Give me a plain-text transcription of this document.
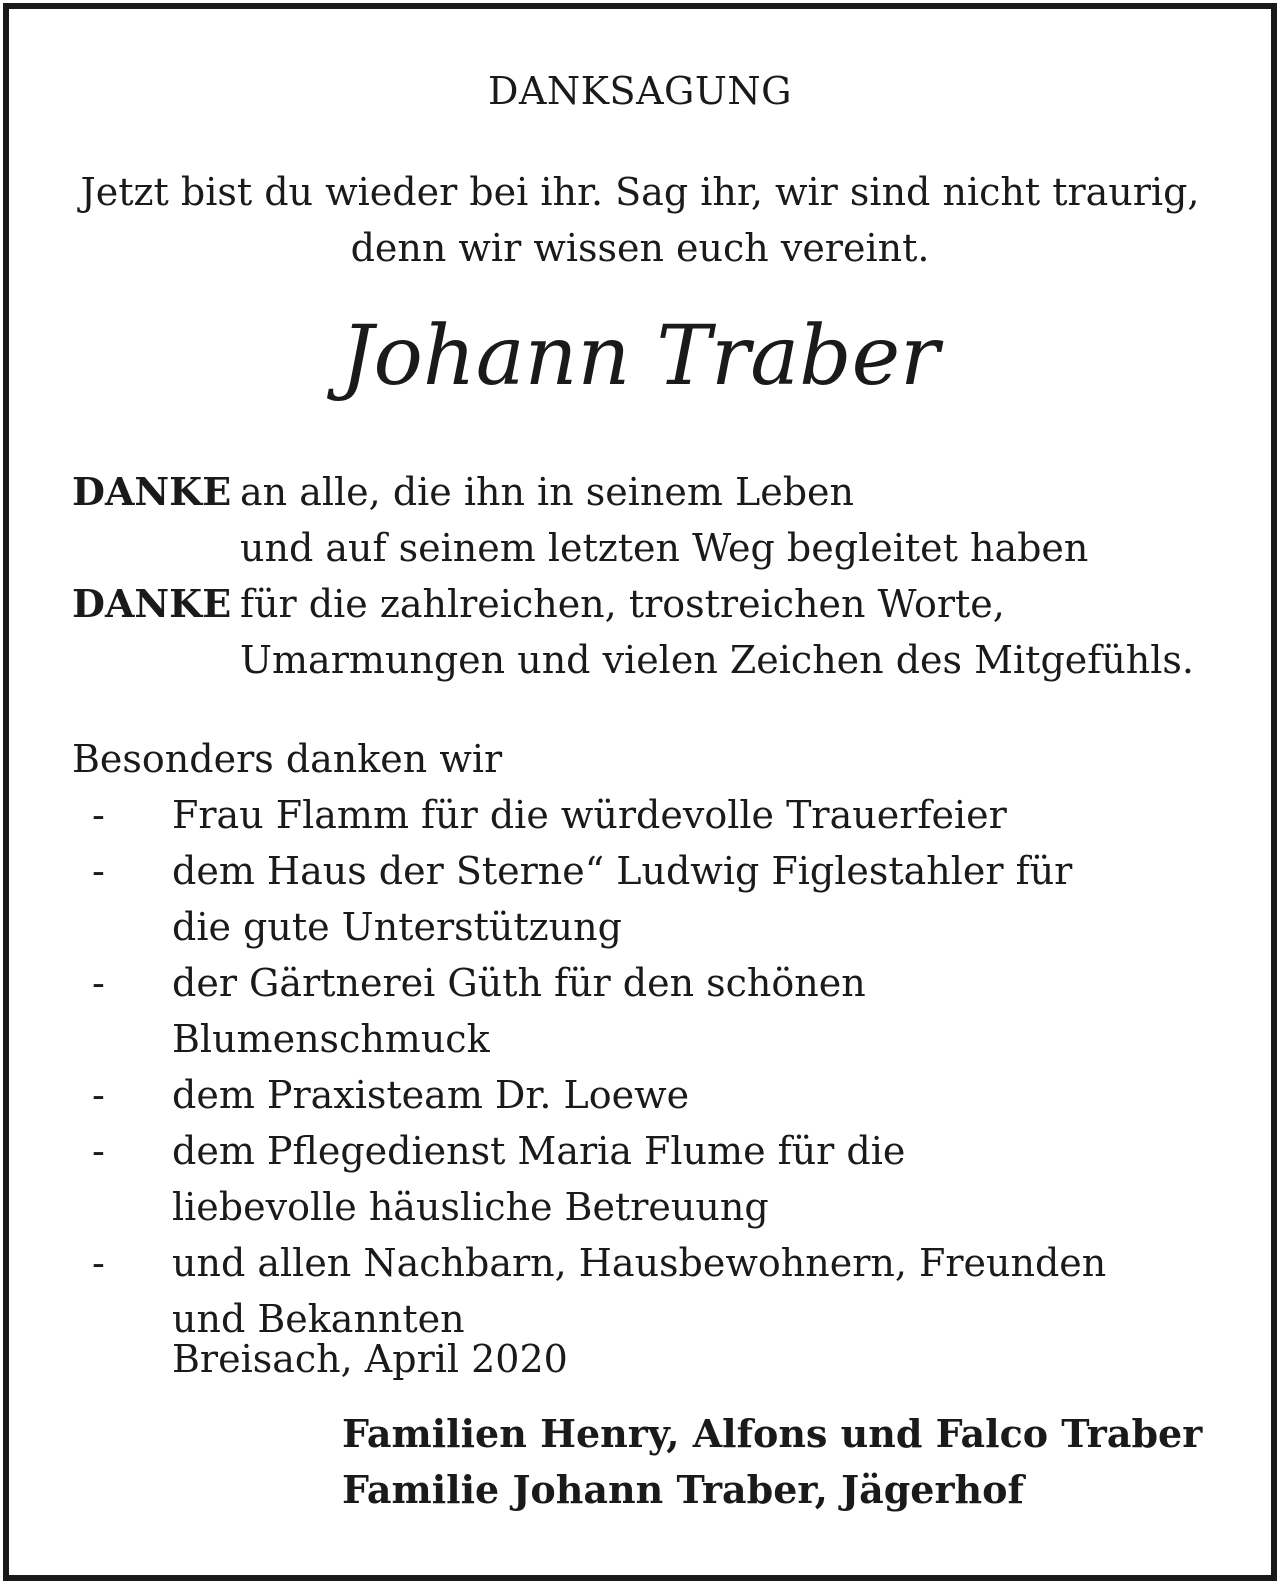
DANKSAGUNG
Jetzt bist du wieder bei ihr. Sag ihr, wir sind nicht traurig,
denn wir wissen euch vereint.
Johann Traber
DANKE an alle, die ihn in seinem Leben
und auf seinem letzten Weg begleitet haben
DANKE für die zahlreichen, trostreichen Worte,
Umarmungen und vielen Zeichen des Mitgefühls.
Besonders danken wir
-	Frau Flamm für die würdevolle Trauerfeier
-	dem Haus der Sterne“ Ludwig Figlestahler für die gute Unterstützung
-	der Gärtnerei Güth für den schönen Blumenschmuck
-	dem Praxisteam Dr. Loewe
-	dem Pflegedienst Maria Flume für die liebevolle häusliche Betreuung
-	und allen Nachbarn, Hausbewohnern, Freunden und Bekannten
Breisach, April 2020
Familien Henry, Alfons und Falco Traber
Familie Johann Traber, Jägerhof
